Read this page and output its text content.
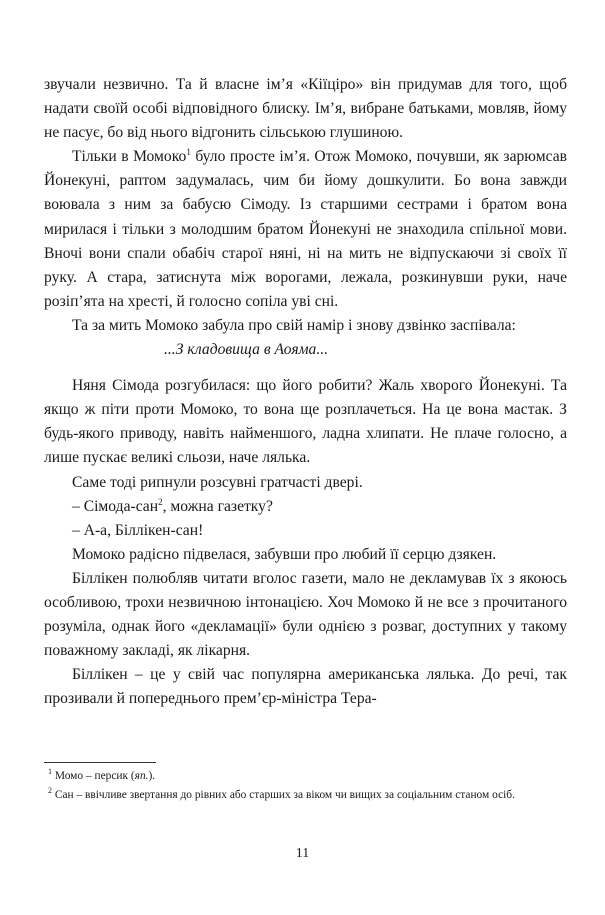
звучали незвично. Та й власне ім’я «Кіїціро» він придумав для того, щоб надати своїй особі відповідного блиску. Ім’я, вибране батьками, мовляв, йому не пасує, бо від нього відгонить сільською глушиною.

Тільки в Момоко$^1$ було просте ім’я. Отож Момоко, почувши, як зарюмсав Йонекуні, раптом задумалась, чим би йому дошкулити. Бо вона завжди воювала з ним за бабусю Сімоду. Із старшими сестрами і братом вона мирилася і тільки з молодшим братом Йонекуні не знаходила спільної мови. Вночі вони спали обабіч старої няні, ні на мить не відпускаючи зі своїх її руку. А стара, затиснута між ворогами, лежала, розкинувши руки, наче розіп’ята на хресті, й голосно сопіла уві сні.

Та за мить Момоко забула про свій намір і знову дзвінко заспівала:

...З кладовища в Аояма...

Няня Сімода розгубилася: що його робити? Жаль хворого Йонекуні. Та якщо ж піти проти Момоко, то вона ще розплачеться. На це вона мастак. З будь-якого приводу, навіть найменшого, ладна хлипати. Не плаче голосно, а лише пускає великі сльози, наче лялька.

Саме тоді рипнули розсувні гратчасті двері.

– Сімода-сан$^2$, можна газетку?

– А-а, Біллікен-сан!

Момоко радісно підвелася, забувши про любий її серцю дзякен.

Біллікен полюбляв читати вголос газети, мало не декламував їх з якоюсь особливою, трохи незвичною інтонацією. Хоч Момоко й не все з прочитаного розуміла, однак його «декламації» були однією з розваг, доступних у такому поважному закладі, як лікарня.

Біллікен – це у свій час популярна американська лялька. До речі, так прозивали й попереднього прем’єр-міністра Тера-

$^1$ Момо – персик (яп.).

$^2$ Сан – ввічливе звертання до рівних або старших за віком чи вищих за соціальним станом осіб.

11
